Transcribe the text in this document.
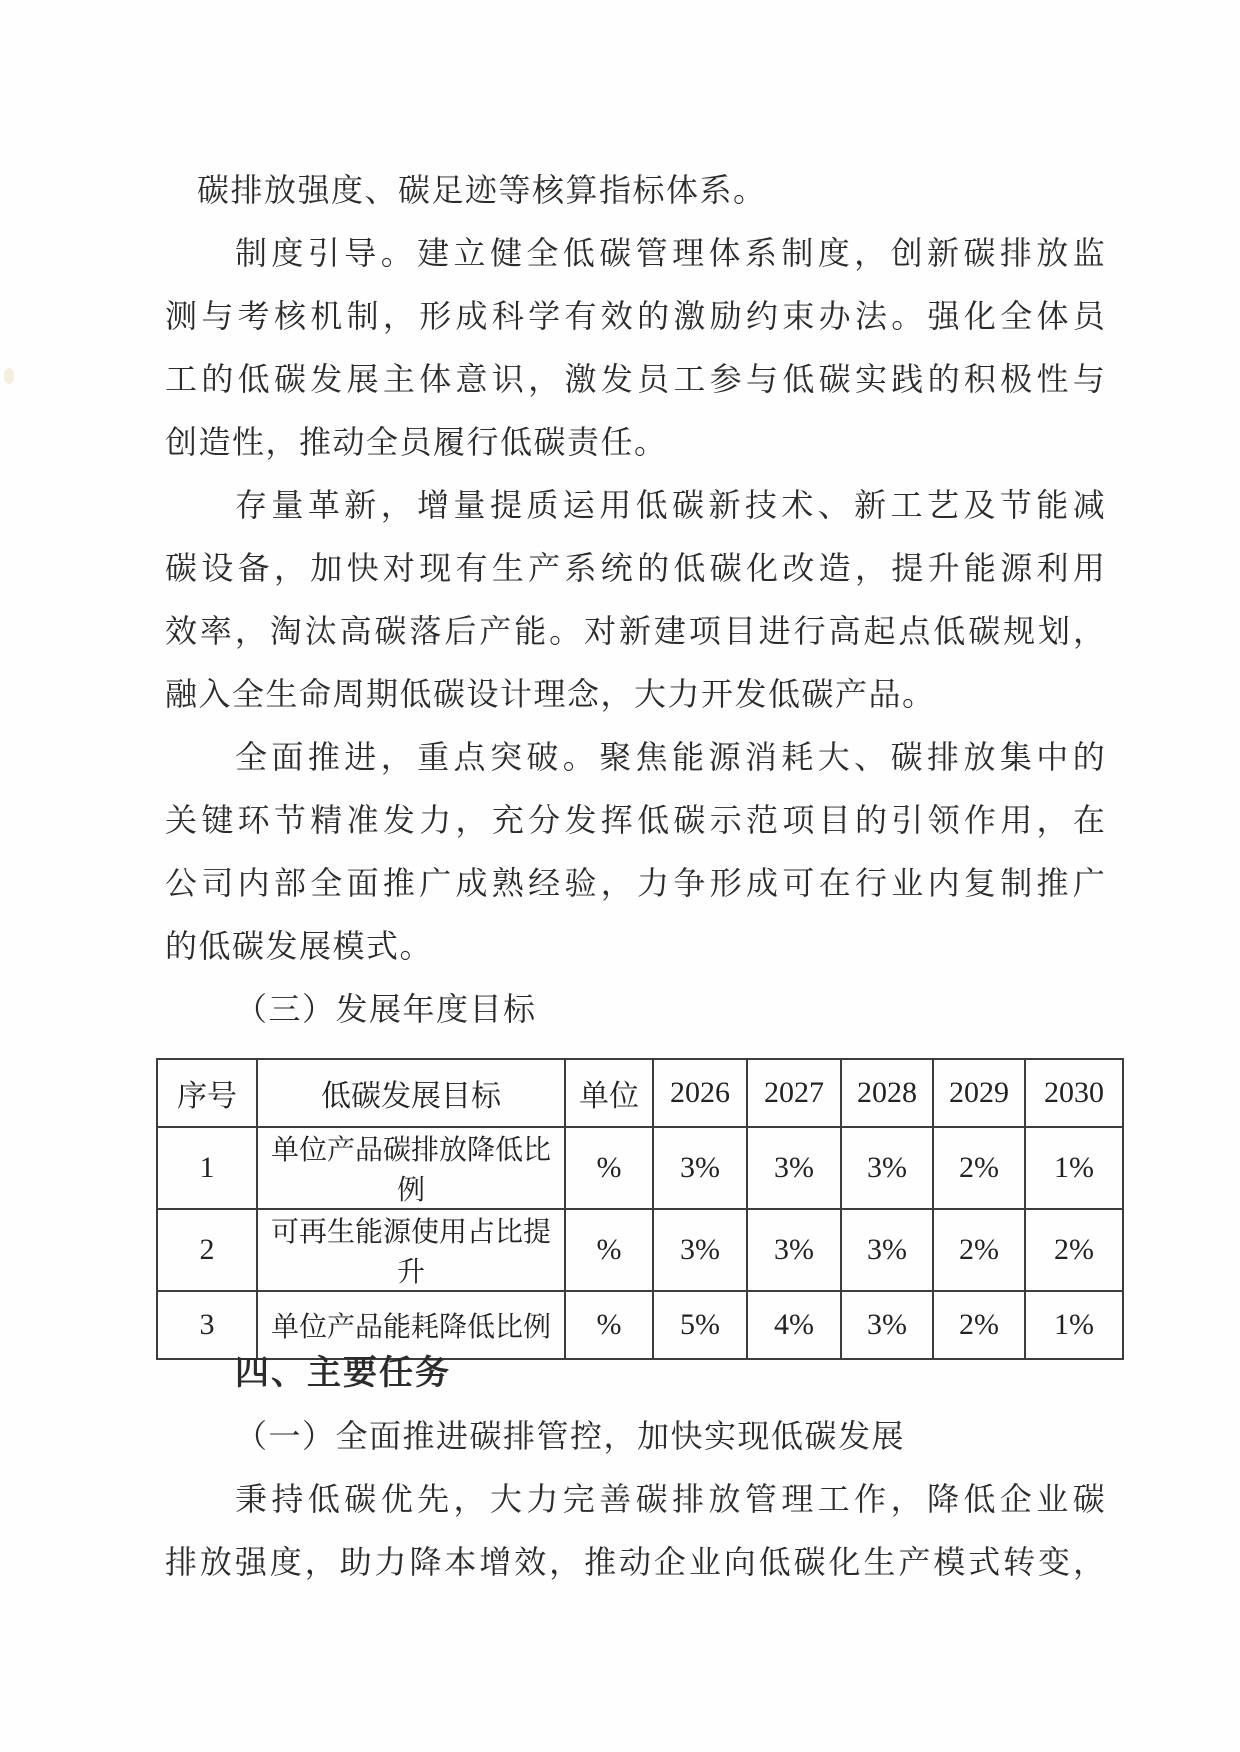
碳排放强度、碳足迹等核算指标体系。
制 度 引 导 。 建 立 健 全 低 碳 管 理 体 系 制 度 ， 创 新 碳 排 放 监
测 与 考 核 机 制 ， 形 成 科 学 有 效 的 激 励 约 束 办 法 。 强 化 全 体 员
工 的 低 碳 发 展 主 体 意 识 ， 激 发 员 工 参 与 低 碳 实 践 的 积 极 性 与
创造性，推动全员履行低碳责任。
存 量 革 新 ， 增 量 提 质 运 用 低 碳 新 技 术 、 新 工 艺 及 节 能 减
碳 设 备 ， 加 快 对 现 有 生 产 系 统 的 低 碳 化 改 造 ， 提 升 能 源 利 用
效 率 ， 淘 汰 高 碳 落 后 产 能 。 对 新 建 项 目 进 行 高 起 点 低 碳 规 划 ，
融入全生命周期低碳设计理念，大力开发低碳产品。
全 面 推 进 ， 重 点 突 破 。 聚 焦 能 源 消 耗 大 、 碳 排 放 集 中 的
关 键 环 节 精 准 发 力 ， 充 分 发 挥 低 碳 示 范 项 目 的 引 领 作 用 ， 在
公 司 内 部 全 面 推 广 成 熟 经 验 ， 力 争 形 成 可 在 行 业 内 复 制 推 广
的低碳发展模式。
（三）发展年度目标
序号	低碳发展目标	单位	2026	2027	2028	2029	2030
1	单位产品碳排放降低比例	%	3%	3%	3%	2%	1%
2	可再生能源使用占比提升	%	3%	3%	3%	2%	2%
3	单位产品能耗降低比例	%	5%	4%	3%	2%	1%
四、主要任务
（一）全面推进碳排管控，加快实现低碳发展
秉 持 低 碳 优 先 ， 大 力 完 善 碳 排 放 管 理 工 作 ， 降 低 企 业 碳
排 放 强 度 ， 助 力 降 本 增 效 ， 推 动 企 业 向 低 碳 化 生 产 模 式 转 变 ，
